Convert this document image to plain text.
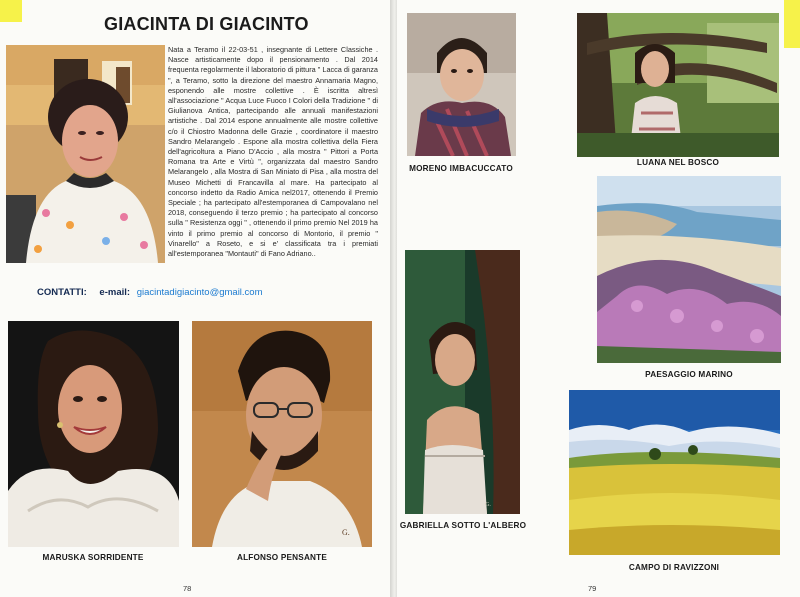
GIACINTA DI GIACINTO

Nata a Teramo il 22-03-51 , insegnante di Lettere Classiche . Nasce artisticamente dopo il pensionamento . Dal 2014 frequenta regolarmente il laboratorio di pittura " Lacca di garanza ", a Teramo, sotto la direzione del maestro Annamaria Magno, esponendo alle mostre collettive . È iscritta altresì all'associazione " Acqua Luce Fuoco I Colori della Tradizione " di Giulianova Antica, partecipando alle annuali manifestazioni artistiche . Dal 2014 espone annualmente alle mostre collettive c/o il Chiostro Madonna delle Grazie , coordinatore il maestro Sandro Melarangelo . Espone alla mostra collettiva della Fiera dell'agricoltura a Piano D'Accio , alla mostra " Pittori a Porta Romana tra Arte e Virtù ", organizzata dal maestro Sandro Melarangelo , alla Mostra di San Miniato di Pisa , alla mostra del Museo Michetti di Francavilla al mare. Ha partecipato al concorso indetto da Radio Amica nel2017, ottenendo il Premio Speciale ; ha partecipato all'estemporanea di Campovalano nel 2018, conseguendo il terzo premio ; ha partecipato al concorso sulla " Resistenza oggi " , ottenendo il primo premio Nel 2019 ha vinto il primo premio al concorso di Montorio, il premio " Vinarello" a Roseto, e si e' classificata tra i premiati all'estemporanea "Montauti" di Fano Adriano..

CONTATTI: e-mail: giacintadigiacinto@gmail.com
MARUSKA SORRIDENTE
G.
ALFONSO PENSANTE
78
MORENO IMBACUCCATO
LUANA NEL BOSCO
PAESAGGIO MARINO
G.
GABRIELLA SOTTO L'ALBERO
CAMPO DI RAVIZZONI
79
